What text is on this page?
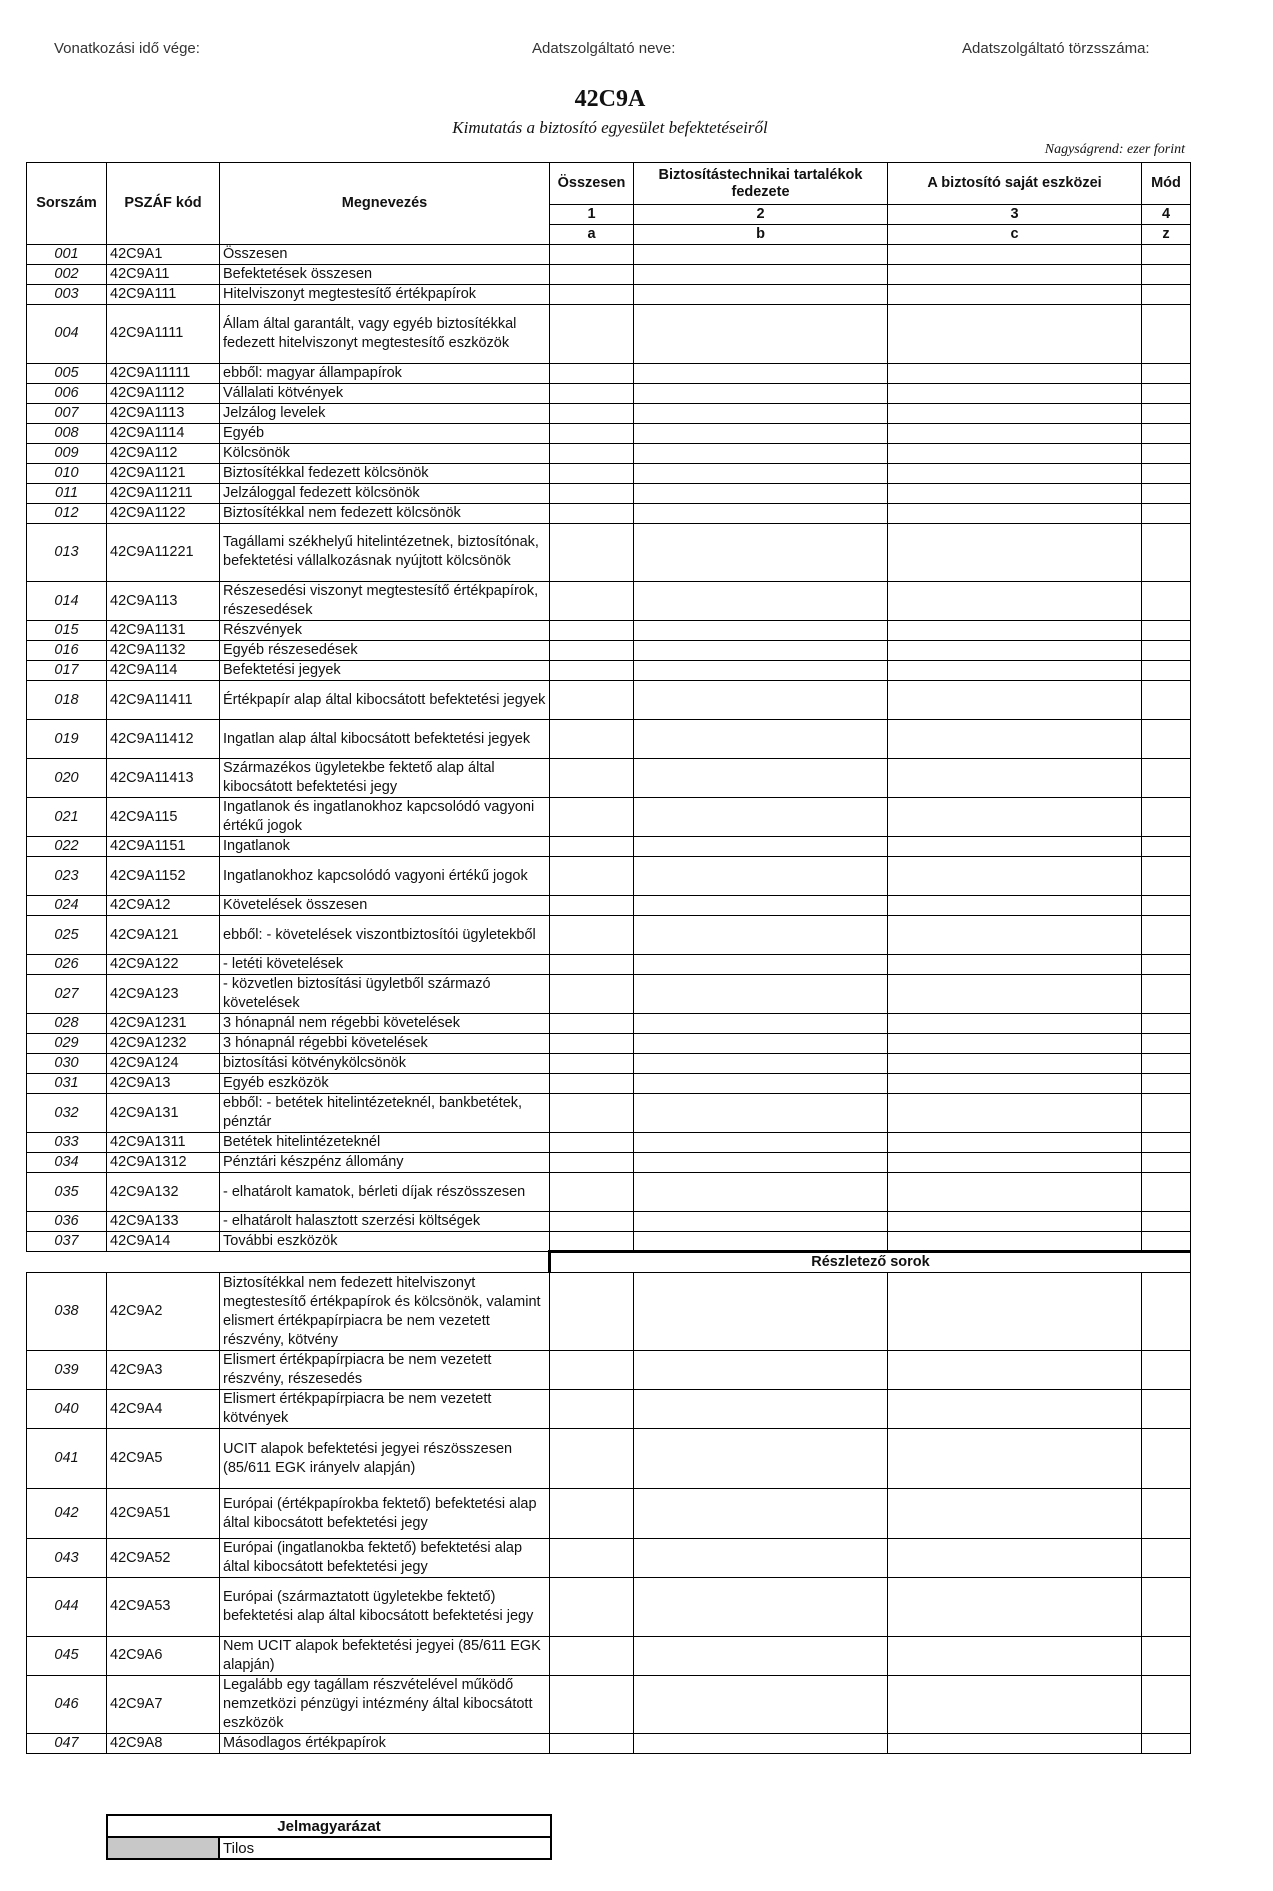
Vonatkozási idő vége:	Adatszolgáltató neve:	Adatszolgáltató törzsszáma:
42C9A
Kimutatás a biztosító egyesület befektetéseiről
Nagyságrend: ezer forint
Sorszám	PSZÁF kód	Megnevezés	Összesen	Biztosítástechnikai tartalékok fedezete	A biztosító saját eszközei	Mód
			1	2	3	4
			a	b	c	z
001	42C9A1	Összesen				
002	42C9A11	Befektetések összesen				
003	42C9A111	Hitelviszonyt megtestesítő értékpapírok				
004	42C9A1111	Állam által garantált, vagy egyéb biztosítékkal fedezett hitelviszonyt megtestesítő eszközök				
005	42C9A11111	ebből: magyar állampapírok				
006	42C9A1112	Vállalati kötvények				
007	42C9A1113	Jelzálog levelek				
008	42C9A1114	Egyéb				
009	42C9A112	Kölcsönök				
010	42C9A1121	Biztosítékkal fedezett kölcsönök				
011	42C9A11211	Jelzáloggal fedezett kölcsönök				
012	42C9A1122	Biztosítékkal nem fedezett kölcsönök				
013	42C9A11221	Tagállami székhelyű hitelintézetnek, biztosítónak, befektetési vállalkozásnak nyújtott kölcsönök				
014	42C9A113	Részesedési viszonyt megtestesítő értékpapírok, részesedések				
015	42C9A1131	Részvények				
016	42C9A1132	Egyéb részesedések				
017	42C9A114	Befektetési jegyek				
018	42C9A11411	Értékpapír alap által kibocsátott befektetési jegyek				
019	42C9A11412	Ingatlan alap által kibocsátott befektetési jegyek				
020	42C9A11413	Származékos ügyletekbe fektető alap által kibocsátott befektetési jegy				
021	42C9A115	Ingatlanok és ingatlanokhoz kapcsolódó vagyoni értékű jogok				
022	42C9A1151	Ingatlanok				
023	42C9A1152	Ingatlanokhoz kapcsolódó vagyoni értékű jogok				
024	42C9A12	Követelések összesen				
025	42C9A121	ebből: - követelések viszontbiztosítói ügyletekből				
026	42C9A122	- letéti követelések				
027	42C9A123	- közvetlen biztosítási ügyletből származó követelések				
028	42C9A1231	3 hónapnál nem régebbi követelések				
029	42C9A1232	3 hónapnál régebbi követelések				
030	42C9A124	biztosítási kötvénykölcsönök				
031	42C9A13	Egyéb eszközök				
032	42C9A131	ebből: - betétek hitelintézeteknél, bankbetétek, pénztár				
033	42C9A1311	Betétek hitelintézeteknél				
034	42C9A1312	Pénztári készpénz állomány				
035	42C9A132	- elhatárolt kamatok, bérleti díjak részösszesen				
036	42C9A133	- elhatárolt halasztott szerzési költségek				
037	42C9A14	További eszközök				
			Részletező sorok			
038	42C9A2	Biztosítékkal nem fedezett hitelviszonyt megtestesítő értékpapírok és kölcsönök, valamint elismert értékpapírpiacra be nem vezetett részvény, kötvény				
039	42C9A3	Elismert értékpapírpiacra be nem vezetett részvény, részesedés				
040	42C9A4	Elismert értékpapírpiacra be nem vezetett kötvények				
041	42C9A5	UCIT alapok befektetési jegyei részösszesen (85/611 EGK irányelv alapján)				
042	42C9A51	Európai (értékpapírokba fektető) befektetési alap által kibocsátott befektetési jegy				
043	42C9A52	Európai (ingatlanokba fektető) befektetési alap által kibocsátott befektetési jegy				
044	42C9A53	Európai (származtatott ügyletekbe fektető) befektetési alap által kibocsátott befektetési jegy				
045	42C9A6	Nem UCIT alapok befektetési jegyei (85/611 EGK alapján)				
046	42C9A7	Legalább egy tagállam részvételével működő nemzetközi pénzügyi intézmény által kibocsátott eszközök				
047	42C9A8	Másodlagos értékpapírok				
Jelmagyarázat
	Tilos
